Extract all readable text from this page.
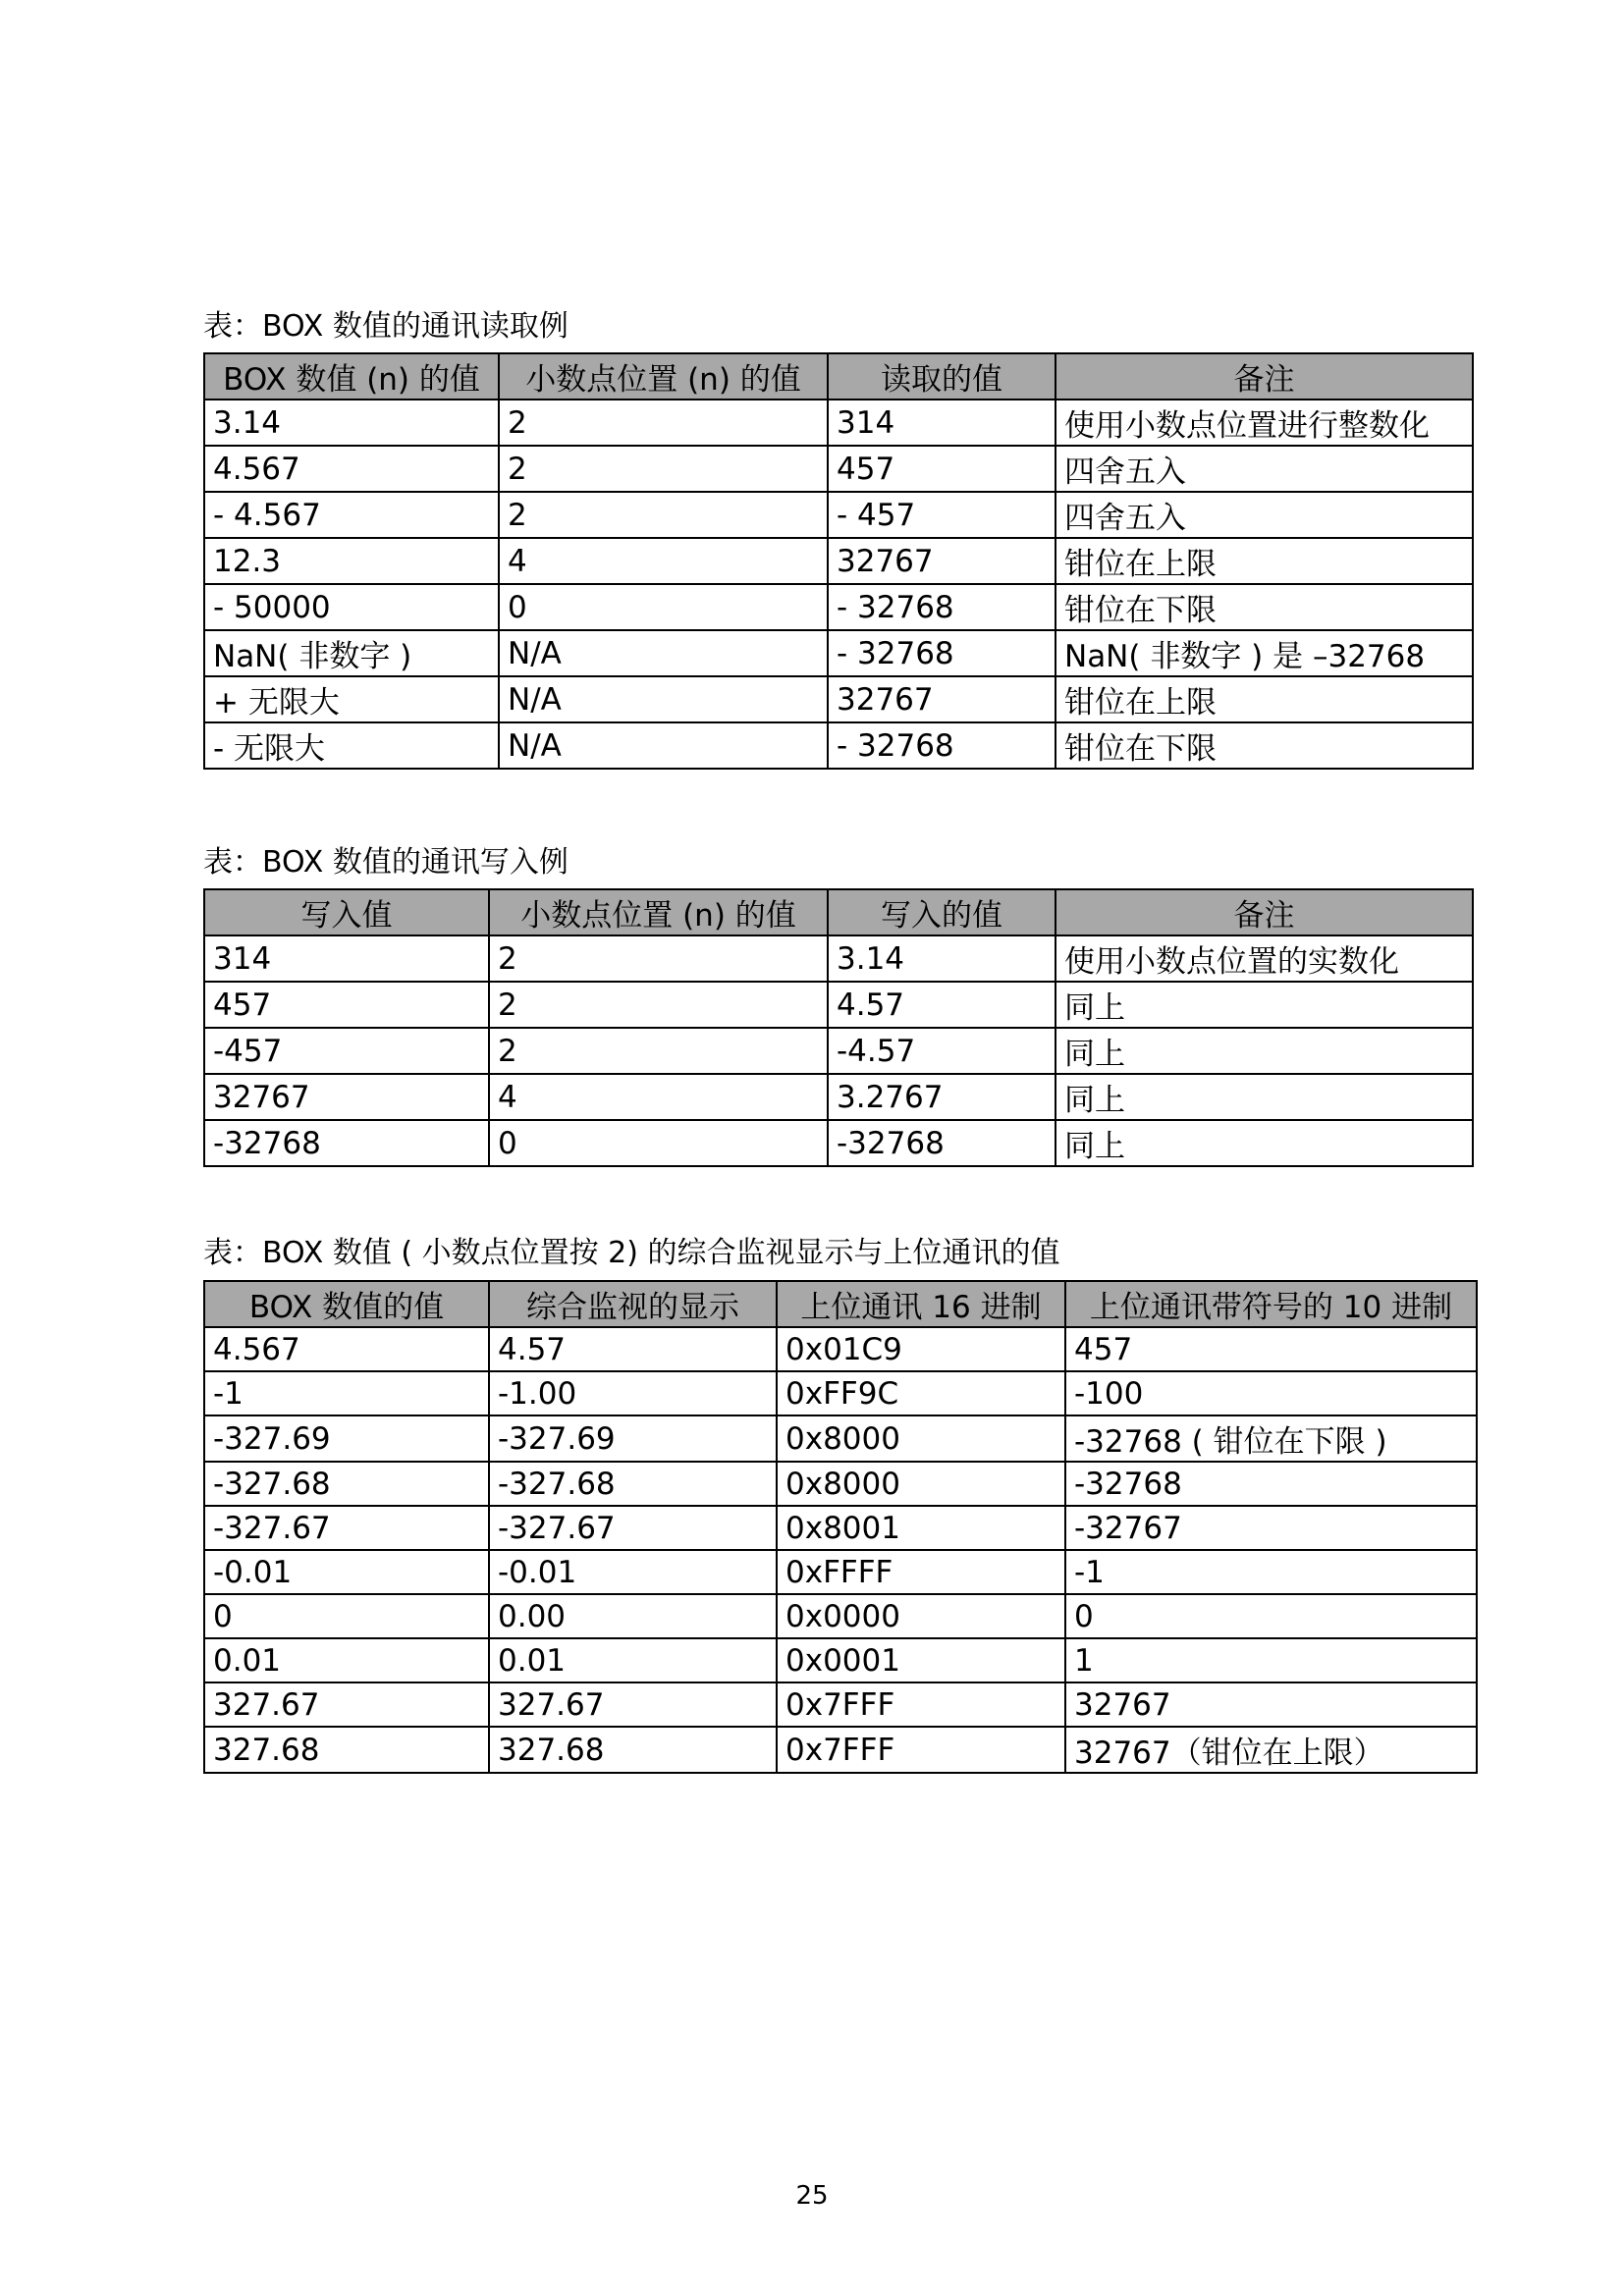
表：BOX 数值的通讯读取例
BOX 数值 (n) 的值	小数点位置 (n) 的值	读取的值	备注
3.14	2	314	使用小数点位置进行整数化
4.567	2	457	四舍五入
- 4.567	2	- 457	四舍五入
12.3	4	32767	钳位在上限
- 50000	0	- 32768	钳位在下限
NaN( 非数字 )	N/A	- 32768	NaN( 非数字 ) 是 –32768
+ 无限大	N/A	32767	钳位在上限
- 无限大	N/A	- 32768	钳位在下限
表：BOX 数值的通讯写入例
写入值	小数点位置 (n) 的值	写入的值	备注
314	2	3.14	使用小数点位置的实数化
457	2	4.57	同上
-457	2	-4.57	同上
32767	4	3.2767	同上
-32768	0	-32768	同上
表：BOX 数值 ( 小数点位置按 2) 的综合监视显示与上位通讯的值
BOX 数值的值	综合监视的显示	上位通讯 16 进制	上位通讯带符号的 10 进制
4.567	4.57	0x01C9	457
-1	-1.00	0xFF9C	-100
-327.69	-327.69	0x8000	-32768 ( 钳位在下限 )
-327.68	-327.68	0x8000	-32768
-327.67	-327.67	0x8001	-32767
-0.01	-0.01	0xFFFF	-1
0	0.00	0x0000	0
0.01	0.01	0x0001	1
327.67	327.67	0x7FFF	32767
327.68	327.68	0x7FFF	32767（钳位在上限）
25
